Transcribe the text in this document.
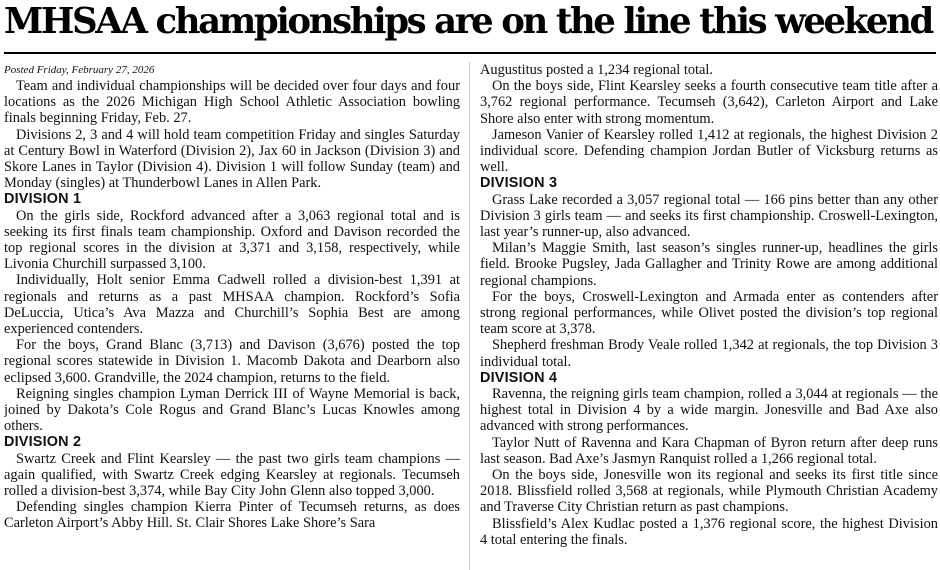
MHSAA championships are on the line this weekend

Posted Friday, February 27, 2026

Team and individual championships will be decided over four days and four locations as the 2026 Michigan High School Athletic Association bowling finals beginning Friday, Feb. 27.

Divisions 2, 3 and 4 will hold team competition Friday and singles Saturday at Century Bowl in Waterford (Division 2), Jax 60 in Jackson (Division 3) and Skore Lanes in Taylor (Division 4). Division 1 will follow Sunday (team) and Monday (singles) at Thunderbowl Lanes in Allen Park.

DIVISION 1

On the girls side, Rockford advanced after a 3,063 regional total and is seeking its first finals team championship. Oxford and Davison recorded the top regional scores in the division at 3,371 and 3,158, respectively, while Livonia Churchill surpassed 3,100.

Individually, Holt senior Emma Cadwell rolled a division-best 1,391 at regionals and returns as a past MHSAA champion. Rockford’s Sofia DeLuccia, Utica’s Ava Mazza and Churchill’s Sophia Best are among experienced contenders.

For the boys, Grand Blanc (3,713) and Davison (3,676) posted the top regional scores statewide in Division 1. Macomb Dakota and Dearborn also eclipsed 3,600. Grandville, the 2024 champion, returns to the field.

Reigning singles champion Lyman Derrick III of Wayne Memorial is back, joined by Dakota’s Cole Rogus and Grand Blanc’s Lucas Knowles among others.

DIVISION 2

Swartz Creek and Flint Kearsley — the past two girls team champions — again qualified, with Swartz Creek edging Kearsley at regionals. Tecumseh rolled a division-best 3,374, while Bay City John Glenn also topped 3,000.

Defending singles champion Kierra Pinter of Tecumseh returns, as does Carleton Airport’s Abby Hill. St. Clair Shores Lake Shore’s Sara

Augustitus posted a 1,234 regional total.

On the boys side, Flint Kearsley seeks a fourth consecutive team title after a 3,762 regional performance. Tecumseh (3,642), Carleton Airport and Lake Shore also enter with strong momentum.

Jameson Vanier of Kearsley rolled 1,412 at regionals, the highest Division 2 individual score. Defending champion Jordan Butler of Vicksburg returns as well.

DIVISION 3

Grass Lake recorded a 3,057 regional total — 166 pins better than any other Division 3 girls team — and seeks its first championship. Croswell-Lexington, last year’s runner-up, also advanced.

Milan’s Maggie Smith, last season’s singles runner-up, headlines the girls field. Brooke Pugsley, Jada Gallagher and Trinity Rowe are among additional regional champions.

For the boys, Croswell-Lexington and Armada enter as contenders after strong regional performances, while Olivet posted the division’s top regional team score at 3,378.

Shepherd freshman Brody Veale rolled 1,342 at regionals, the top Division 3 individual total.

DIVISION 4

Ravenna, the reigning girls team champion, rolled a 3,044 at regionals — the highest total in Division 4 by a wide margin. Jonesville and Bad Axe also advanced with strong performances.

Taylor Nutt of Ravenna and Kara Chapman of Byron return after deep runs last season. Bad Axe’s Jasmyn Ranquist rolled a 1,266 regional total.

On the boys side, Jonesville won its regional and seeks its first title since 2018. Blissfield rolled 3,568 at regionals, while Plymouth Christian Academy and Traverse City Christian return as past champions.

Blissfield’s Alex Kudlac posted a 1,376 regional score, the highest Division 4 total entering the finals.
